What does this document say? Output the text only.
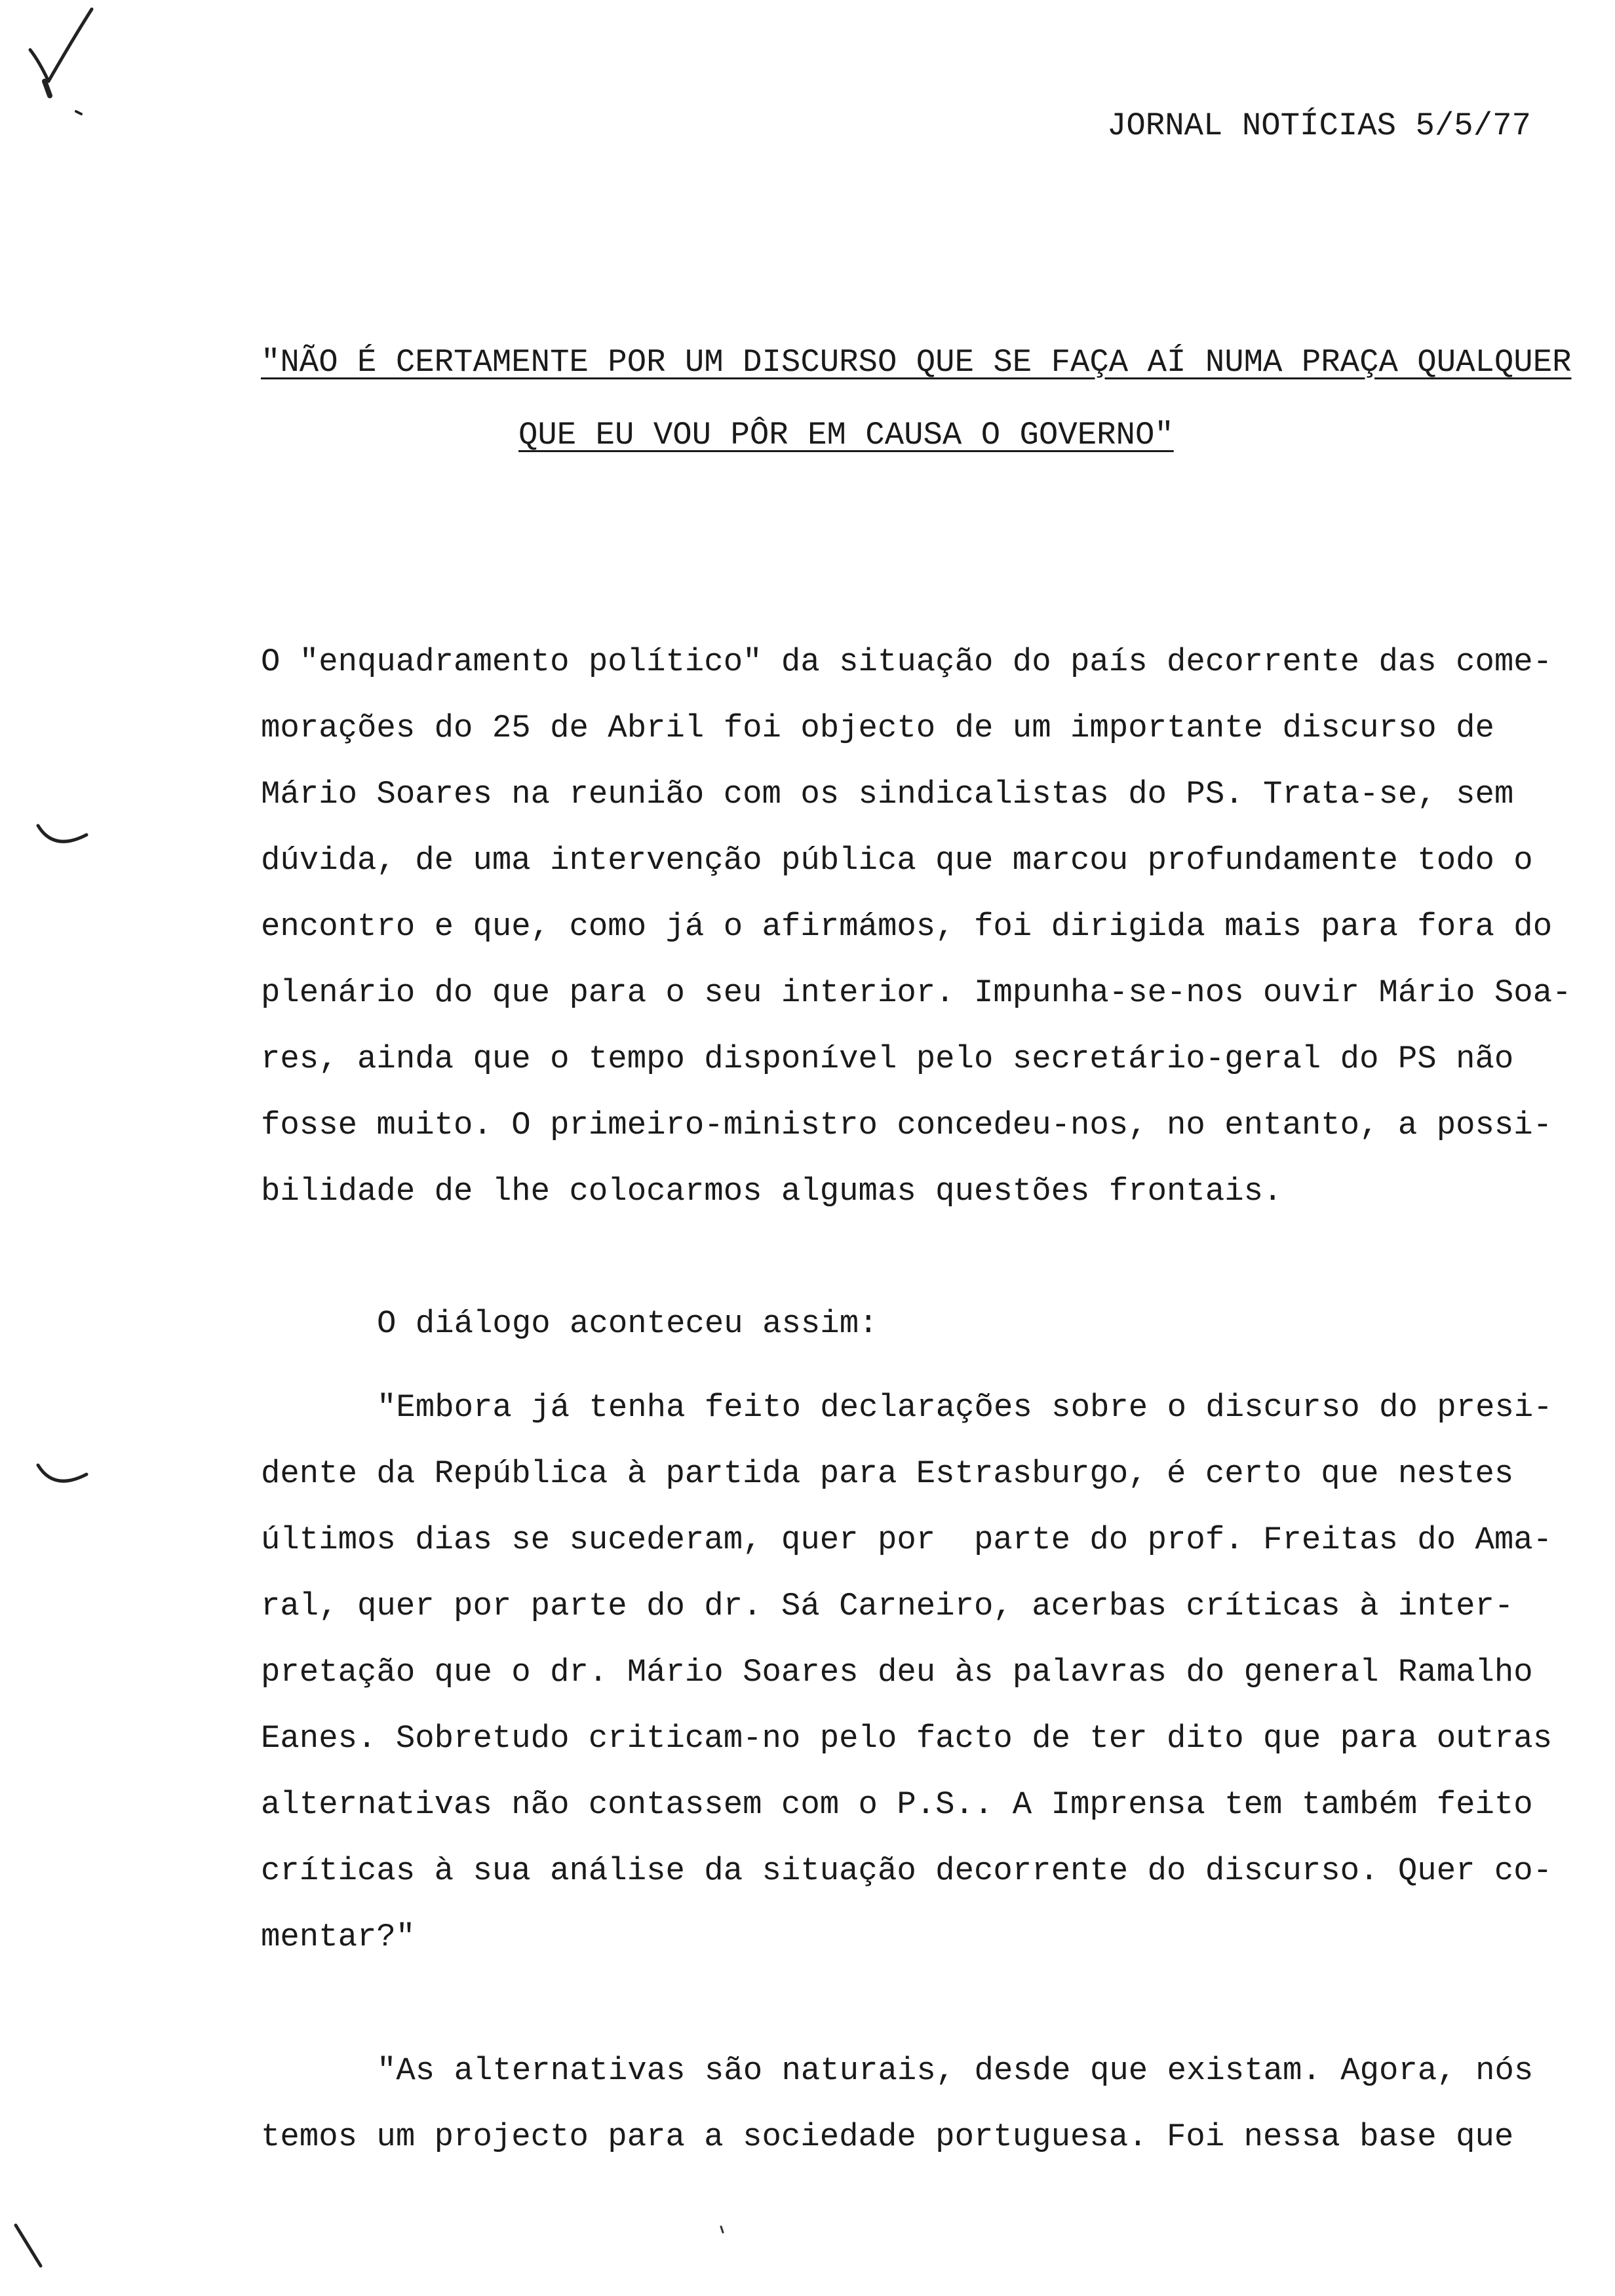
JORNAL NOTÍCIAS 5/5/77
"NÃO É CERTAMENTE POR UM DISCURSO QUE SE FAÇA AÍ NUMA PRAÇA QUALQUER
QUE EU VOU PÔR EM CAUSA O GOVERNO"
O "enquadramento político" da situação do país decorrente das come-
morações do 25 de Abril foi objecto de um importante discurso de
Mário Soares na reunião com os sindicalistas do PS. Trata-se, sem
dúvida, de uma intervenção pública que marcou profundamente todo o
encontro e que, como já o afirmámos, foi dirigida mais para fora do
plenário do que para o seu interior. Impunha-se-nos ouvir Mário Soa-
res, ainda que o tempo disponível pelo secretário-geral do PS não
fosse muito. O primeiro-ministro concedeu-nos, no entanto, a possi-
bilidade de lhe colocarmos algumas questões frontais.
O diálogo aconteceu assim:
"Embora já tenha feito declarações sobre o discurso do presi-
dente da República à partida para Estrasburgo, é certo que nestes
últimos dias se sucederam, quer por  parte do prof. Freitas do Ama-
ral, quer por parte do dr. Sá Carneiro, acerbas críticas à inter-
pretação que o dr. Mário Soares deu às palavras do general Ramalho
Eanes. Sobretudo criticam-no pelo facto de ter dito que para outras
alternativas não contassem com o P.S.. A Imprensa tem também feito
críticas à sua análise da situação decorrente do discurso. Quer co-
mentar?"
"As alternativas são naturais, desde que existam. Agora, nós
temos um projecto para a sociedade portuguesa. Foi nessa base que
